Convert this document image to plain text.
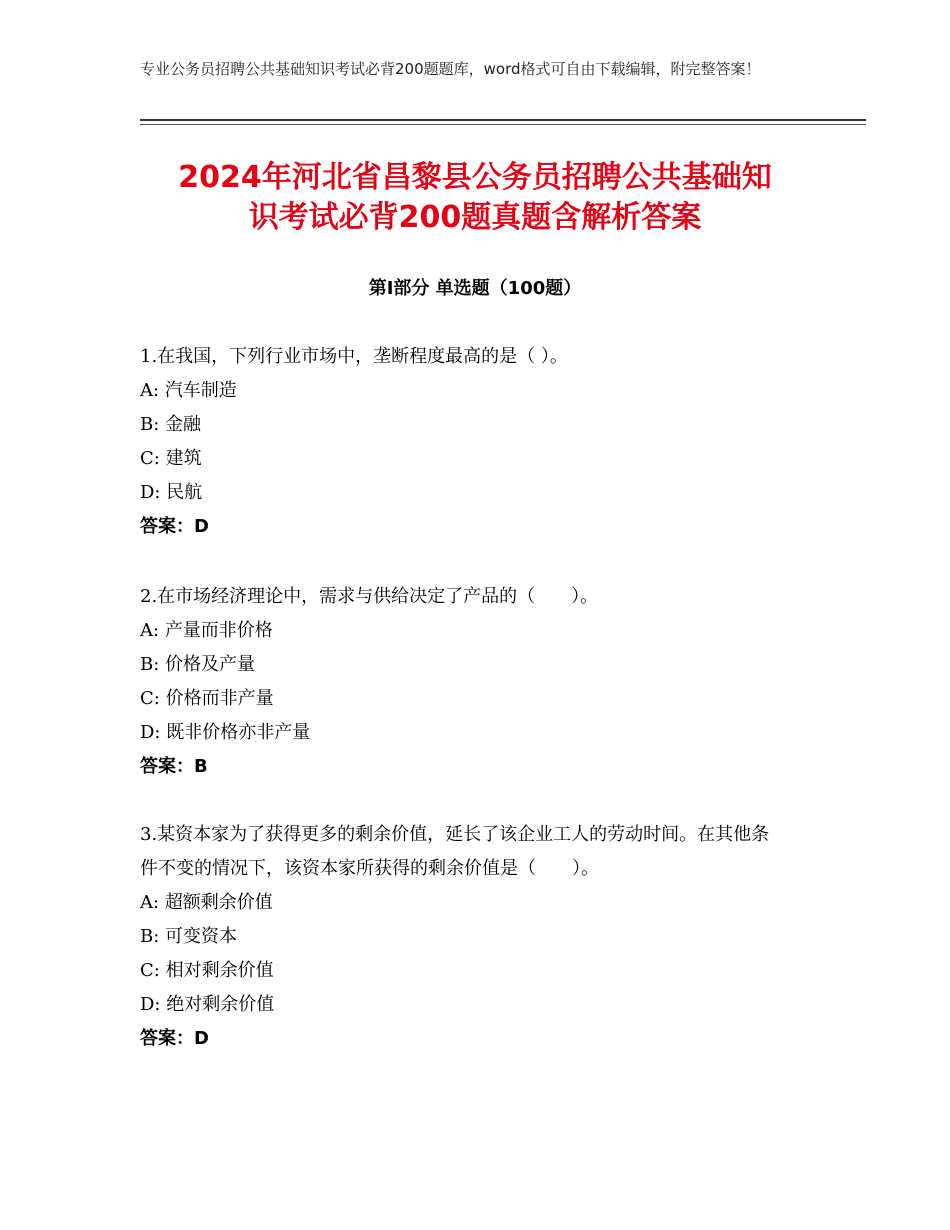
专业公务员招聘公共基础知识考试必背200题题库，word格式可自由下载编辑，附完整答案！
2024年河北省昌黎县公务员招聘公共基础知
识考试必背200题真题含解析答案
第Ⅰ部分 单选题（100题）

1.在我国，下列行业市场中，垄断程度最高的是（ ）。

A: 汽车制造

B: 金融

C: 建筑

D: 民航

答案：D

2.在市场经济理论中，需求与供给决定了产品的（　　）。

A: 产量而非价格

B: 价格及产量

C: 价格而非产量

D: 既非价格亦非产量

答案：B

3.某资本家为了获得更多的剩余价值，延长了该企业工人的劳动时间。在其他条件不变的情况下，该资本家所获得的剩余价值是（　　）。

A: 超额剩余价值

B: 可变资本

C: 相对剩余价值

D: 绝对剩余价值

答案：D
